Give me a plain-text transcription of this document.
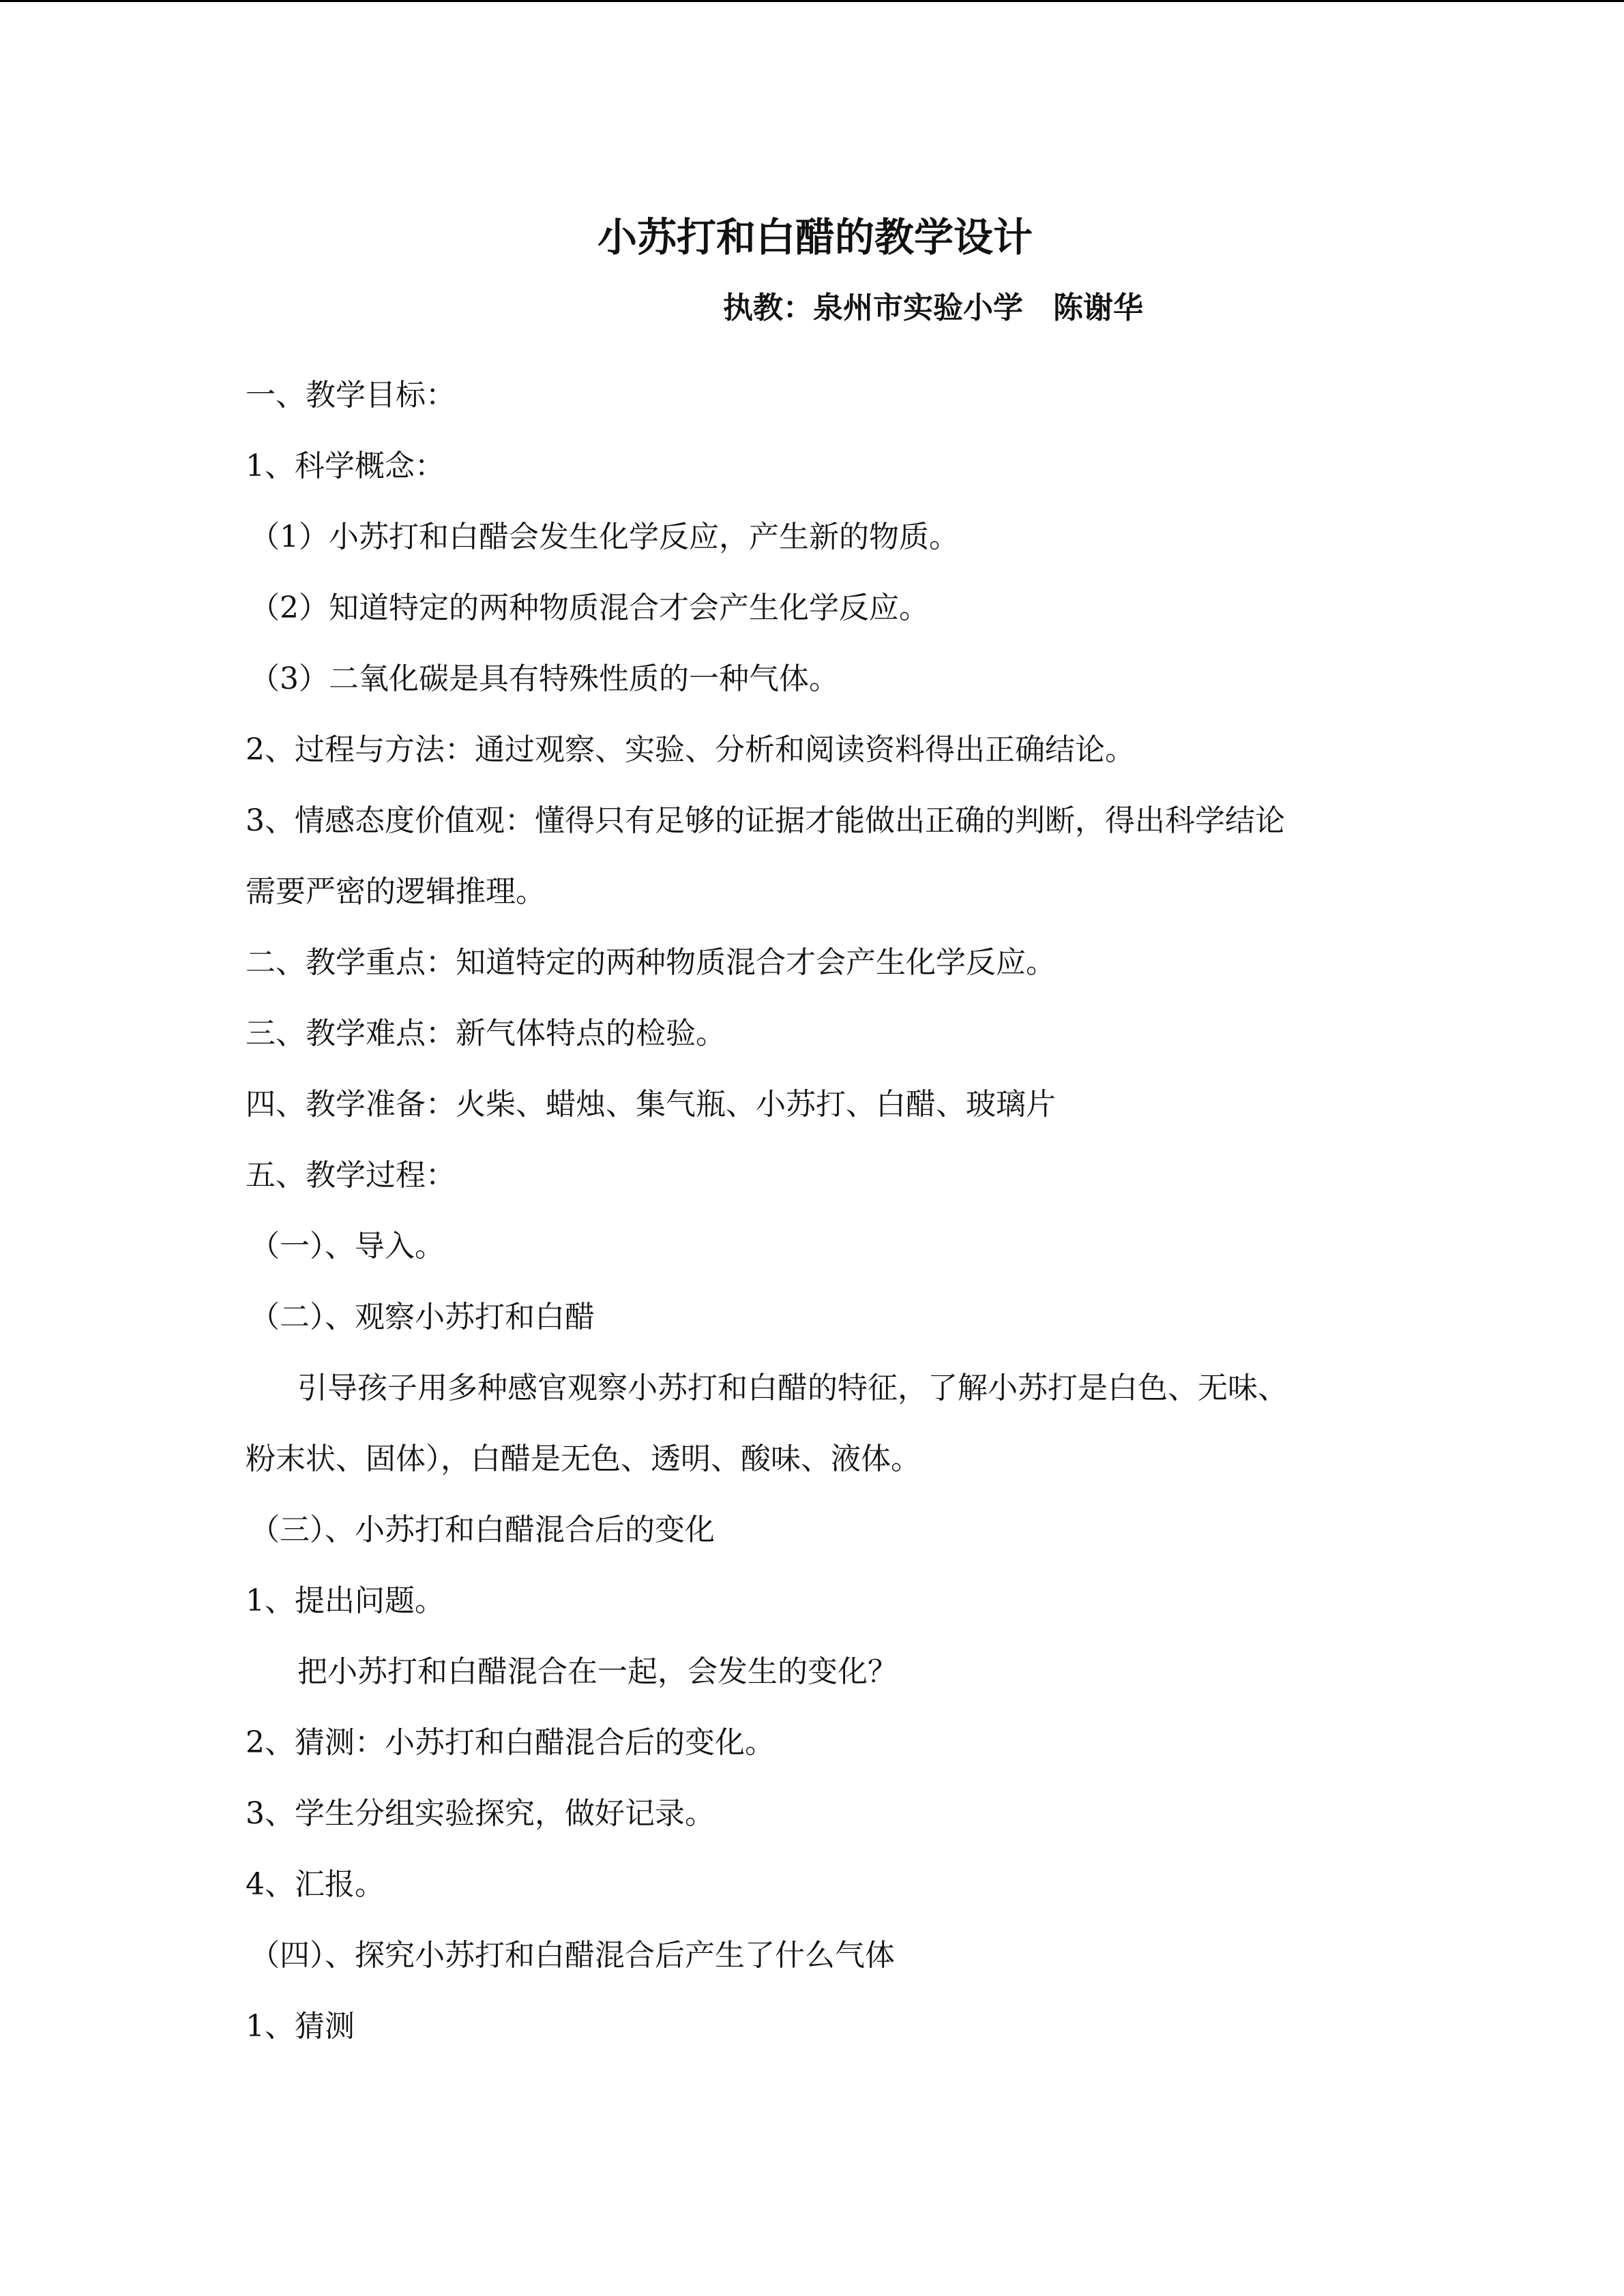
小苏打和白醋的教学设计
执教：泉州市实验小学　陈谢华
一、教学目标：
1、科学概念：
（1）小苏打和白醋会发生化学反应，产生新的物质。
（2）知道特定的两种物质混合才会产生化学反应。
（3）二氧化碳是具有特殊性质的一种气体。
2、过程与方法：通过观察、实验、分析和阅读资料得出正确结论。
3、情感态度价值观：懂得只有足够的证据才能做出正确的判断，得出科学结论
需要严密的逻辑推理。
二、教学重点：知道特定的两种物质混合才会产生化学反应。
三、教学难点：新气体特点的检验。
四、教学准备：火柴、蜡烛、集气瓶、小苏打、白醋、玻璃片
五、教学过程：
（一）、导入。
（二）、观察小苏打和白醋
引导孩子用多种感官观察小苏打和白醋的特征，了解小苏打是白色、无味、
粉末状、固体），白醋是无色、透明、酸味、液体。
（三）、小苏打和白醋混合后的变化
1、提出问题。
把小苏打和白醋混合在一起，会发生的变化？
2、猜测：小苏打和白醋混合后的变化。
3、学生分组实验探究，做好记录。
4、汇报。
（四）、探究小苏打和白醋混合后产生了什么气体
1、猜测
